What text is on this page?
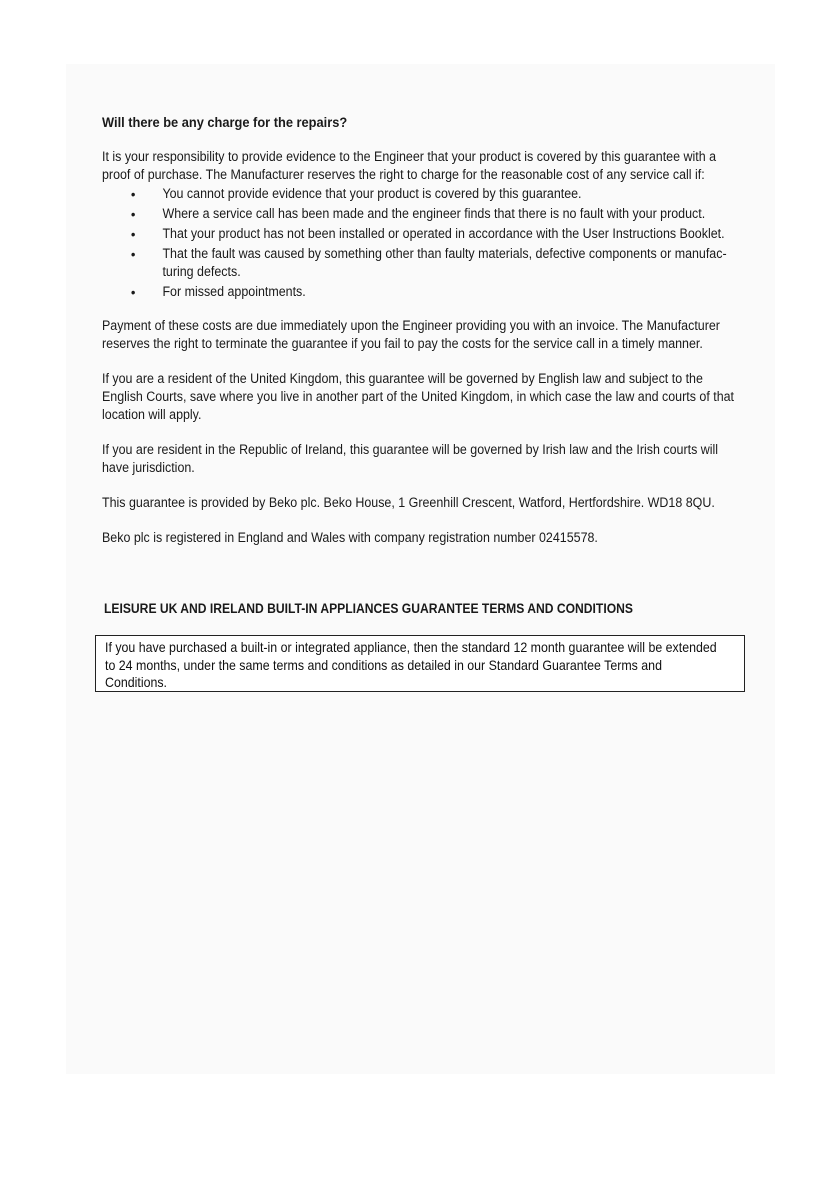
Will there be any charge for the repairs?

It is your responsibility to provide evidence to the Engineer that your product is covered by this guarantee with a proof of purchase. The Manufacturer reserves the right to charge for the reasonable cost of any service call if:

• You cannot provide evidence that your product is covered by this guarantee.
• Where a service call has been made and the engineer finds that there is no fault with your product.
• That your product has not been installed or operated in accordance with the User Instructions Booklet.
• That the fault was caused by something other than faulty materials, defective components or manufac-turing defects.
• For missed appointments.

Payment of these costs are due immediately upon the Engineer providing you with an invoice. The Manufacturer reserves the right to terminate the guarantee if you fail to pay the costs for the service call in a timely manner.

If you are a resident of the United Kingdom, this guarantee will be governed by English law and subject to the English Courts, save where you live in another part of the United Kingdom, in which case the law and courts of that location will apply.

If you are resident in the Republic of Ireland, this guarantee will be governed by Irish law and the Irish courts will have jurisdiction.

This guarantee is provided by Beko plc. Beko House, 1 Greenhill Crescent, Watford, Hertfordshire. WD18 8QU.

Beko plc is registered in England and Wales with company registration number 02415578.

LEISURE UK AND IRELAND BUILT-IN APPLIANCES GUARANTEE TERMS AND CONDITIONS

If you have purchased a built-in or integrated appliance, then the standard 12 month guarantee will be extended to 24 months, under the same terms and conditions as detailed in our Standard Guarantee Terms and Conditions.
